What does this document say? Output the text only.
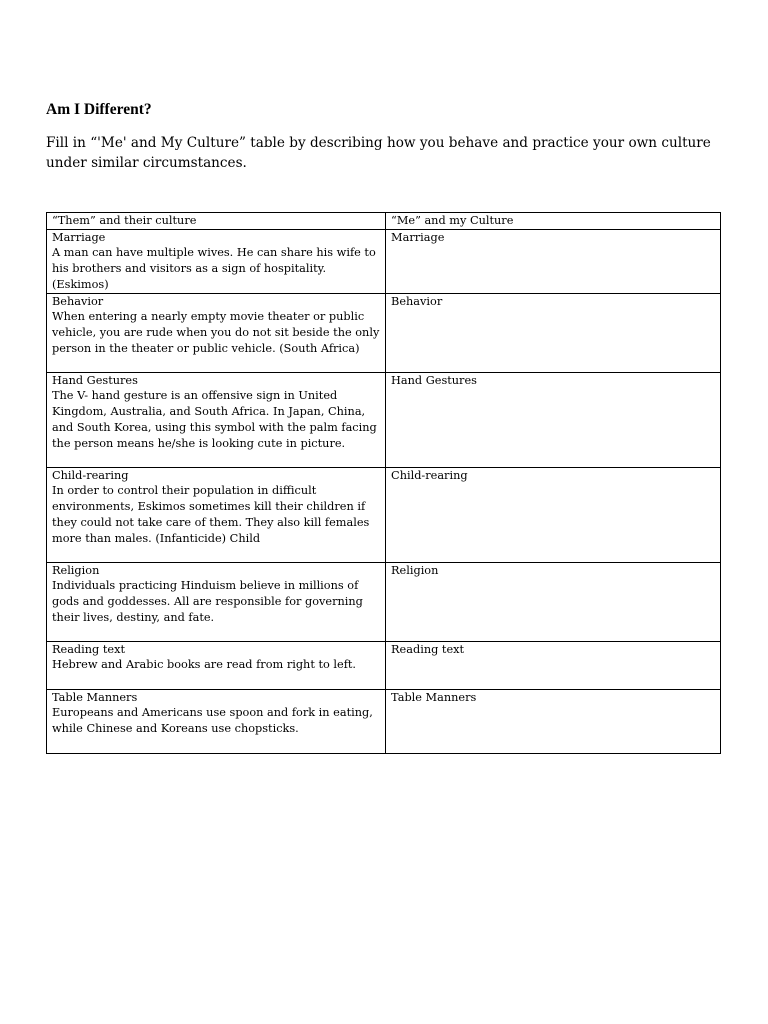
Am I Different?

Fill in “'Me' and My Culture” table by describing how you behave and practice your own culture under similar circumstances.

“Them” and their culture	“Me” and my Culture

Marriage
A man can have multiple wives. He can share his wife to his brothers and visitors as a sign of hospitality. (Eskimos)	Marriage

Behavior
When entering a nearly empty movie theater or public vehicle, you are rude when you do not sit beside the only person in the theater or public vehicle. (South Africa)	Behavior

Hand Gestures
The V- hand gesture is an offensive sign in United Kingdom, Australia, and South Africa. In Japan, China, and South Korea, using this symbol with the palm facing the person means he/she is looking cute in picture.	Hand Gestures

Child-rearing
In order to control their population in difficult environments, Eskimos sometimes kill their children if they could not take care of them. They also kill females more than males. (Infanticide) Child	Child-rearing

Religion
Individuals practicing Hinduism believe in millions of gods and goddesses. All are responsible for governing their lives, destiny, and fate.	Religion

Reading text
Hebrew and Arabic books are read from right to left.	Reading text

Table Manners
Europeans and Americans use spoon and fork in eating, while Chinese and Koreans use chopsticks.	Table Manners
